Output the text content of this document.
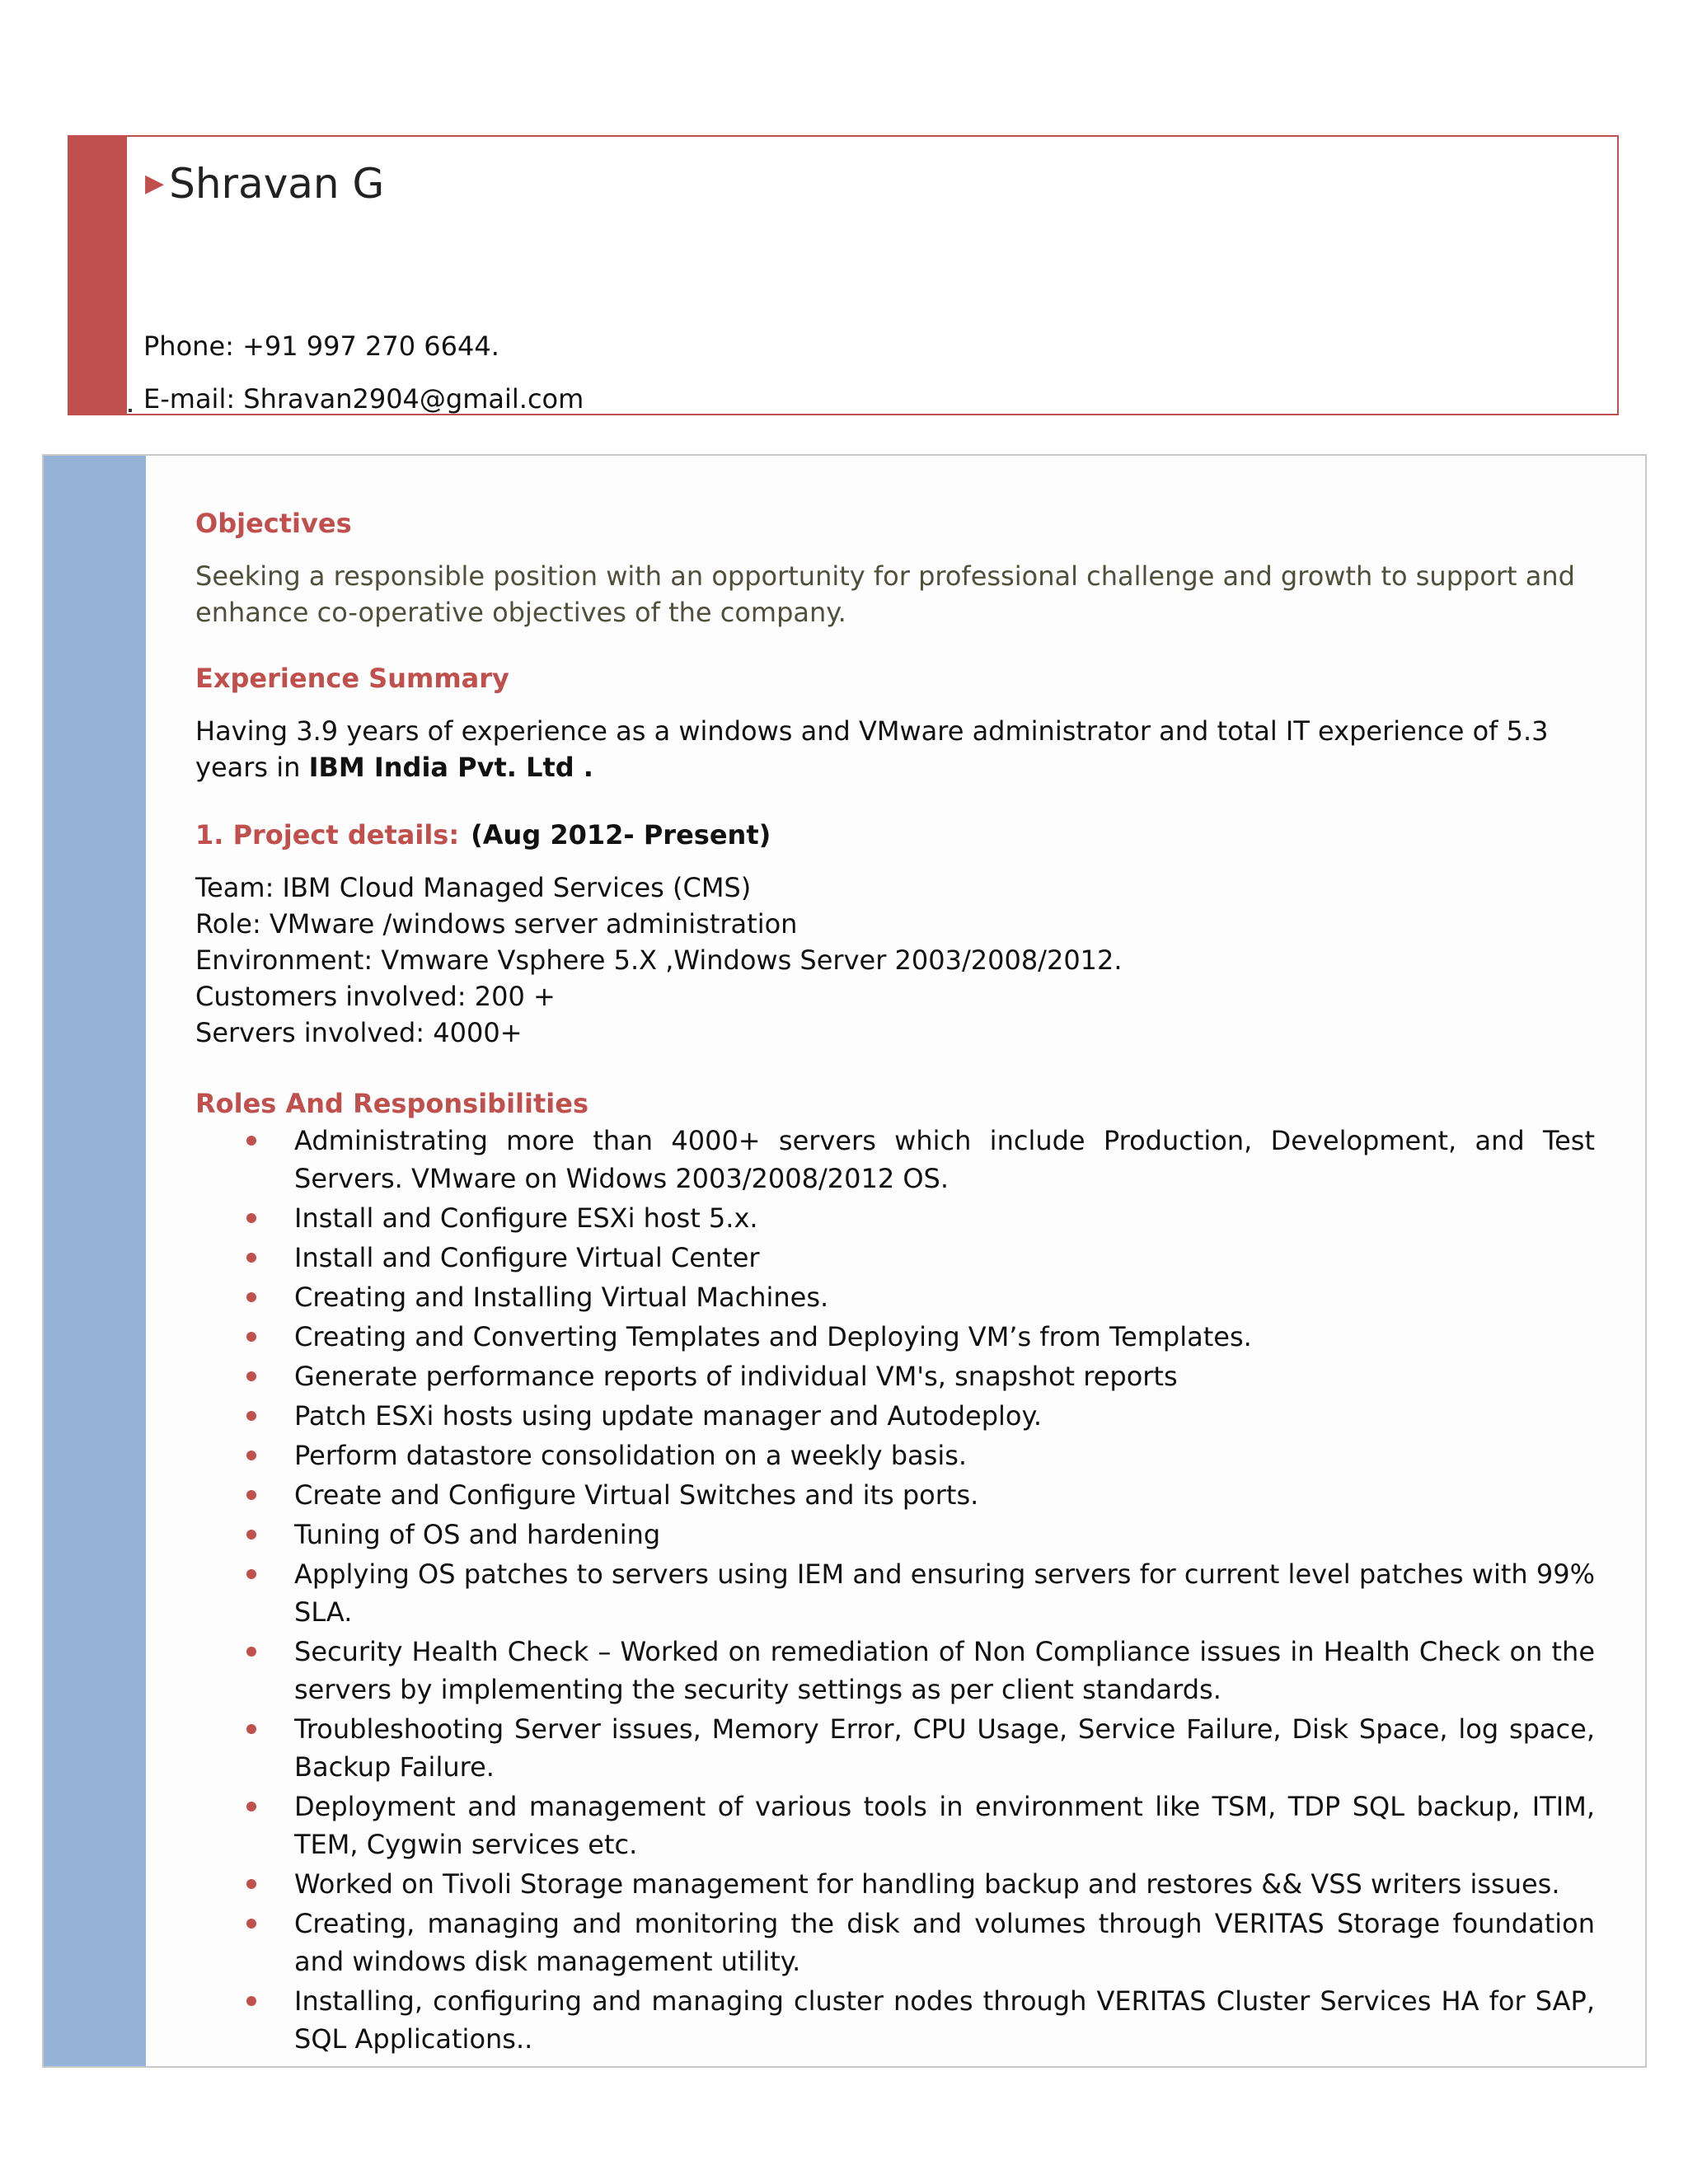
▶ Shravan G
Phone: +91 997 270 6644.
E-mail: Shravan2904@gmail.com

Objectives

Seeking a responsible position with an opportunity for professional challenge and growth to support and enhance co-operative objectives of the company.

Experience Summary

Having 3.9 years of experience as a windows and VMware administrator and total IT experience of 5.3 years in IBM India Pvt. Ltd .

1. Project details: (Aug 2012- Present)

Team: IBM Cloud Managed Services (CMS)

Role: VMware /windows server administration

Environment: Vmware Vsphere 5.X ,Windows Server 2003/2008/2012.

Customers involved: 200 +

Servers involved: 4000+

Roles And Responsibilities

Administrating more than 4000+ servers which include Production, Development, and Test Servers. VMware on Widows 2003/2008/2012 OS.
Install and Configure ESXi host 5.x.
Install and Configure Virtual Center
Creating and Installing Virtual Machines.
Creating and Converting Templates and Deploying VM’s from Templates.
Generate performance reports of individual VM's, snapshot reports
Patch ESXi hosts using update manager and Autodeploy.
Perform datastore consolidation on a weekly basis.
Create and Configure Virtual Switches and its ports.
Tuning of OS and hardening
Applying OS patches to servers using IEM and ensuring servers for current level patches with 99% SLA.
Security Health Check – Worked on remediation of Non Compliance issues in Health Check on the servers by implementing the security settings as per client standards.
Troubleshooting Server issues, Memory Error, CPU Usage, Service Failure, Disk Space, log space, Backup Failure.
Deployment and management of various tools in environment like TSM, TDP SQL backup, ITIM, TEM, Cygwin services etc.
Worked on Tivoli Storage management for handling backup and restores && VSS writers issues.
Creating, managing and monitoring the disk and volumes through VERITAS Storage foundation and windows disk management utility.
Installing, configuring and managing cluster nodes through VERITAS Cluster Services HA for SAP, SQL Applications..
